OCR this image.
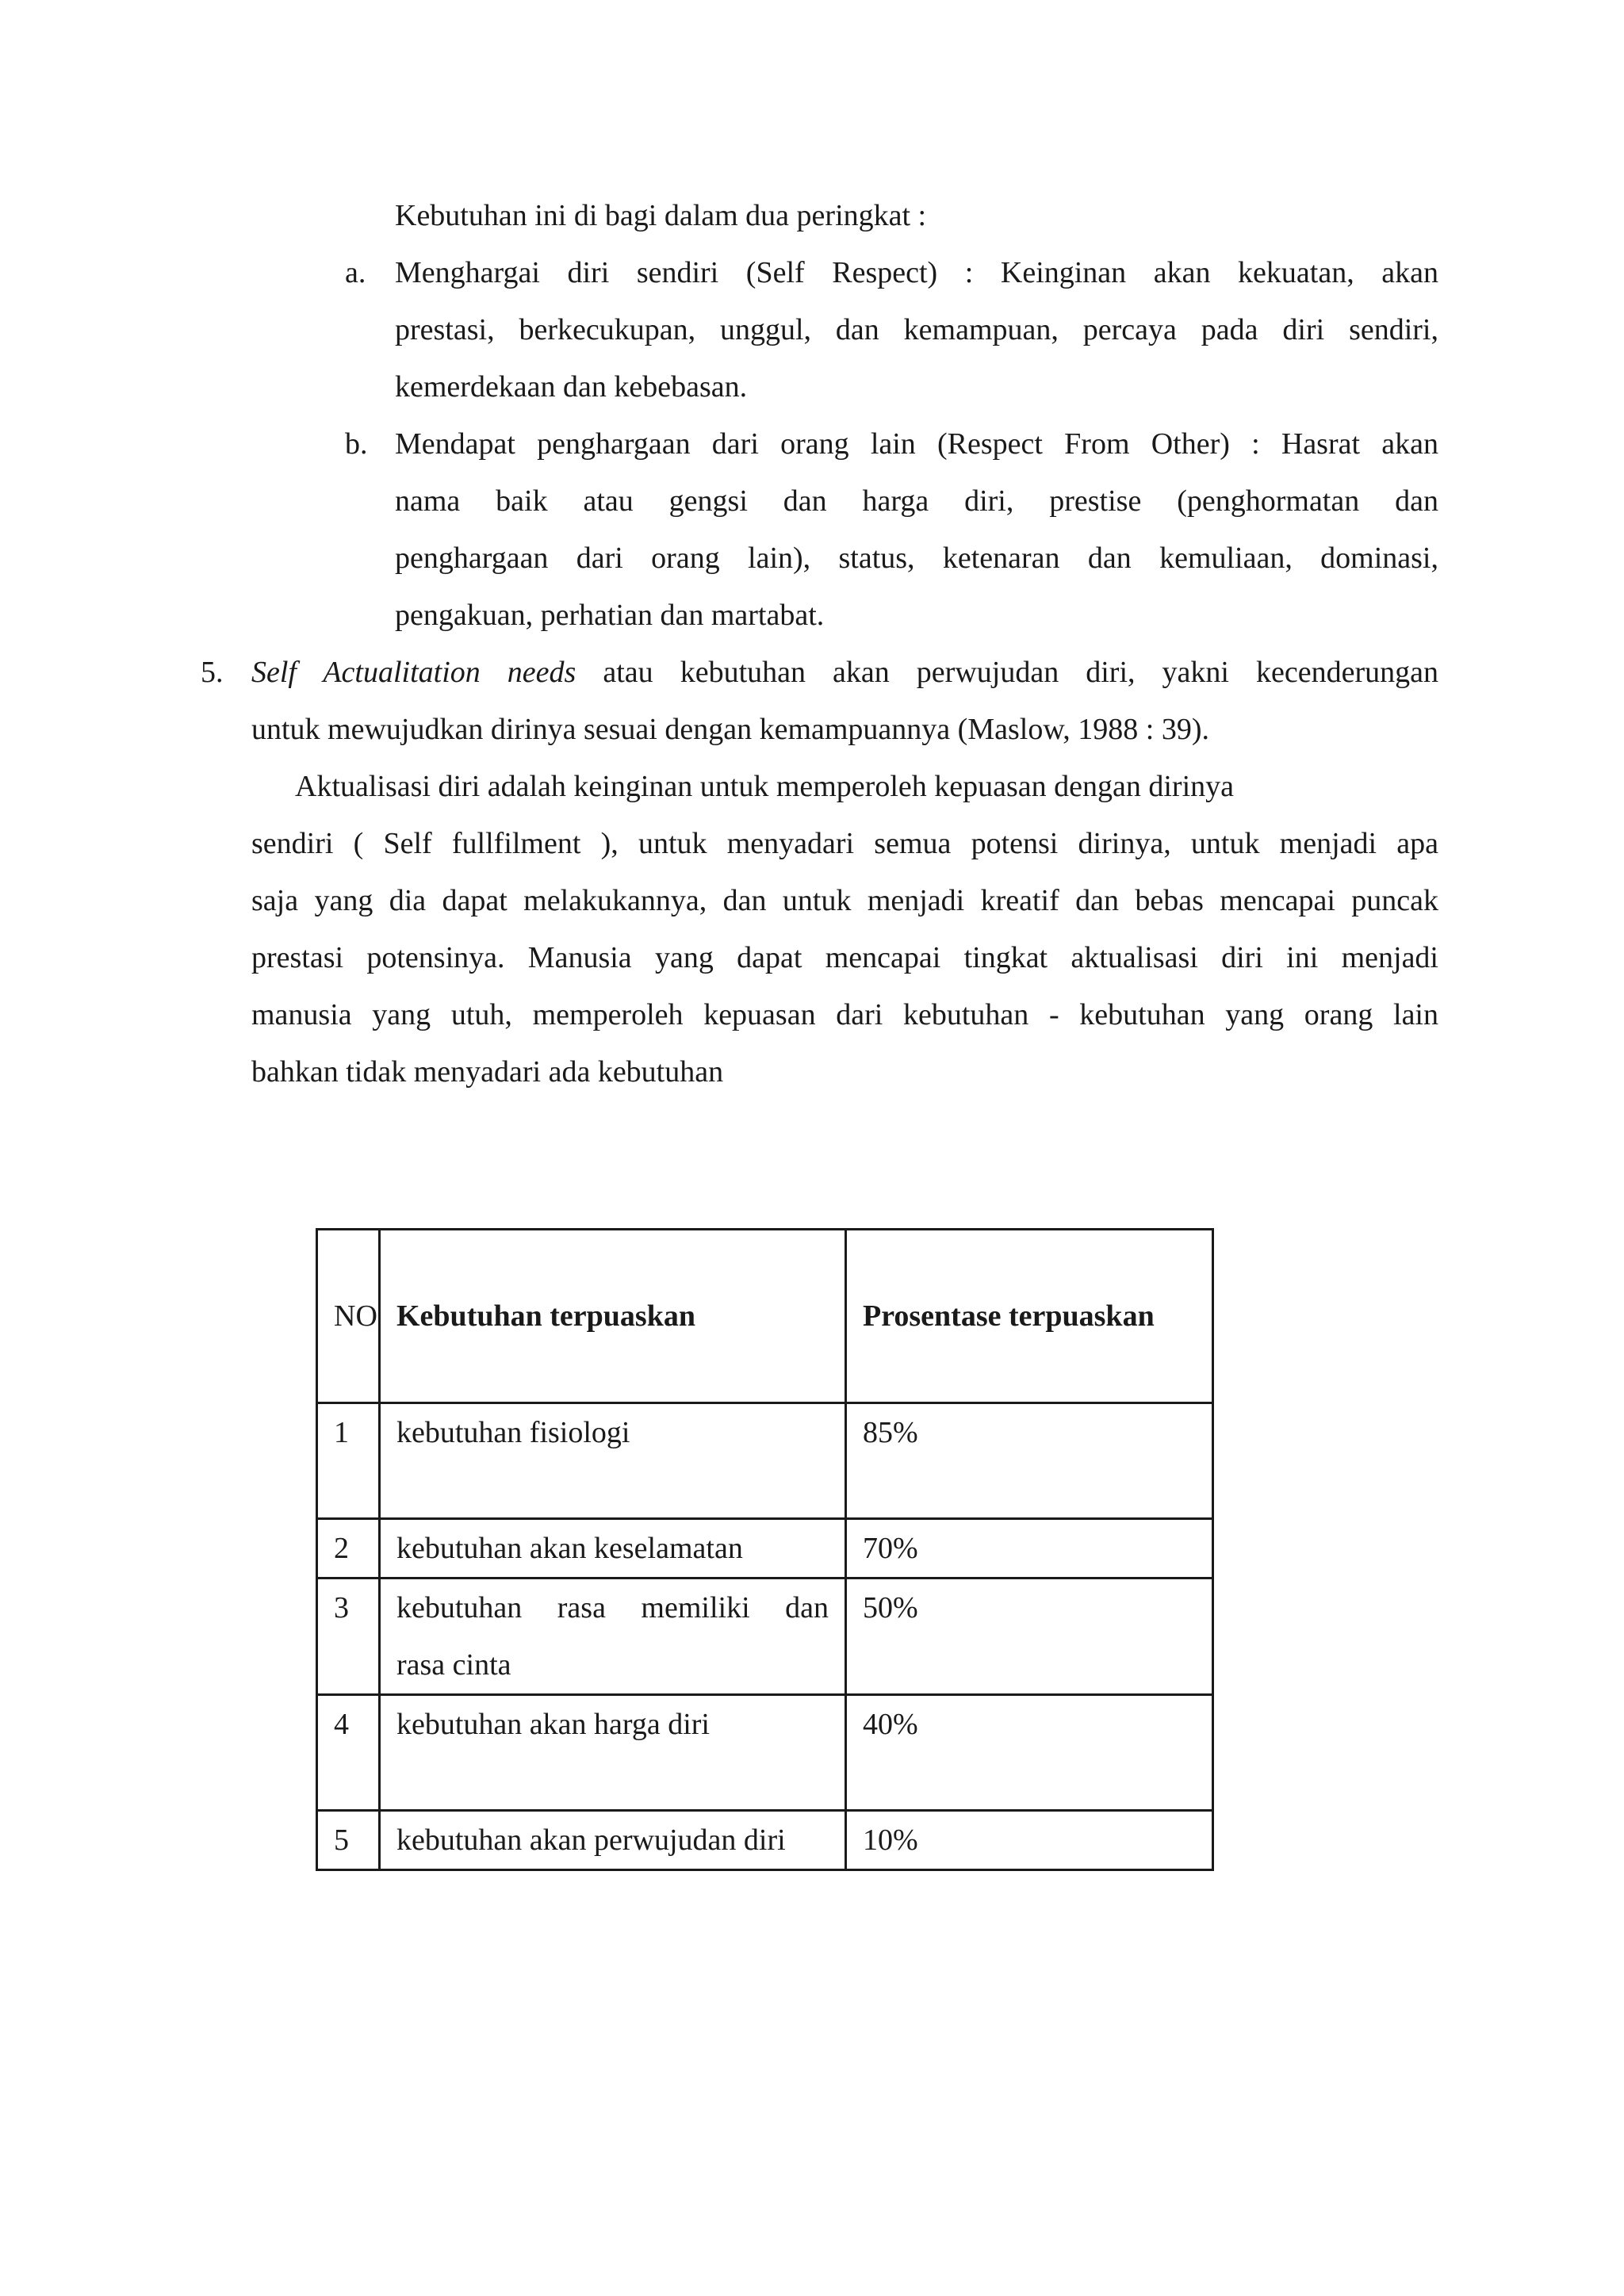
Kebutuhan ini di bagi dalam dua peringkat :
a. Menghargai diri sendiri (Self Respect) : Keinginan akan kekuatan, akan
prestasi, berkecukupan, unggul, dan kemampuan, percaya pada diri sendiri,
kemerdekaan dan kebebasan.
b. Mendapat penghargaan dari orang lain (Respect From Other) : Hasrat akan
nama baik atau gengsi dan harga diri, prestise (penghormatan dan
penghargaan dari orang lain), status, ketenaran dan kemuliaan, dominasi,
pengakuan, perhatian dan martabat.
5. Self Actualitation needs atau kebutuhan akan perwujudan diri, yakni kecenderungan
untuk mewujudkan dirinya sesuai dengan kemampuannya (Maslow, 1988 : 39).
Aktualisasi diri adalah keinginan untuk memperoleh kepuasan dengan dirinya
sendiri ( Self fullfilment ), untuk menyadari semua potensi dirinya, untuk menjadi apa
saja yang dia dapat melakukannya, dan untuk menjadi kreatif dan bebas mencapai puncak
prestasi potensinya. Manusia yang dapat mencapai tingkat aktualisasi diri ini menjadi
manusia yang utuh, memperoleh kepuasan dari kebutuhan - kebutuhan yang orang lain
bahkan tidak menyadari ada kebutuhan
NO	Kebutuhan terpuaskan	Prosentase terpuaskan
1	kebutuhan fisiologi	85%
2	kebutuhan akan keselamatan	70%
3	kebutuhan rasa memiliki dan
rasa cinta	50%
4	kebutuhan akan harga diri	40%
5	kebutuhan akan perwujudan diri	10%
